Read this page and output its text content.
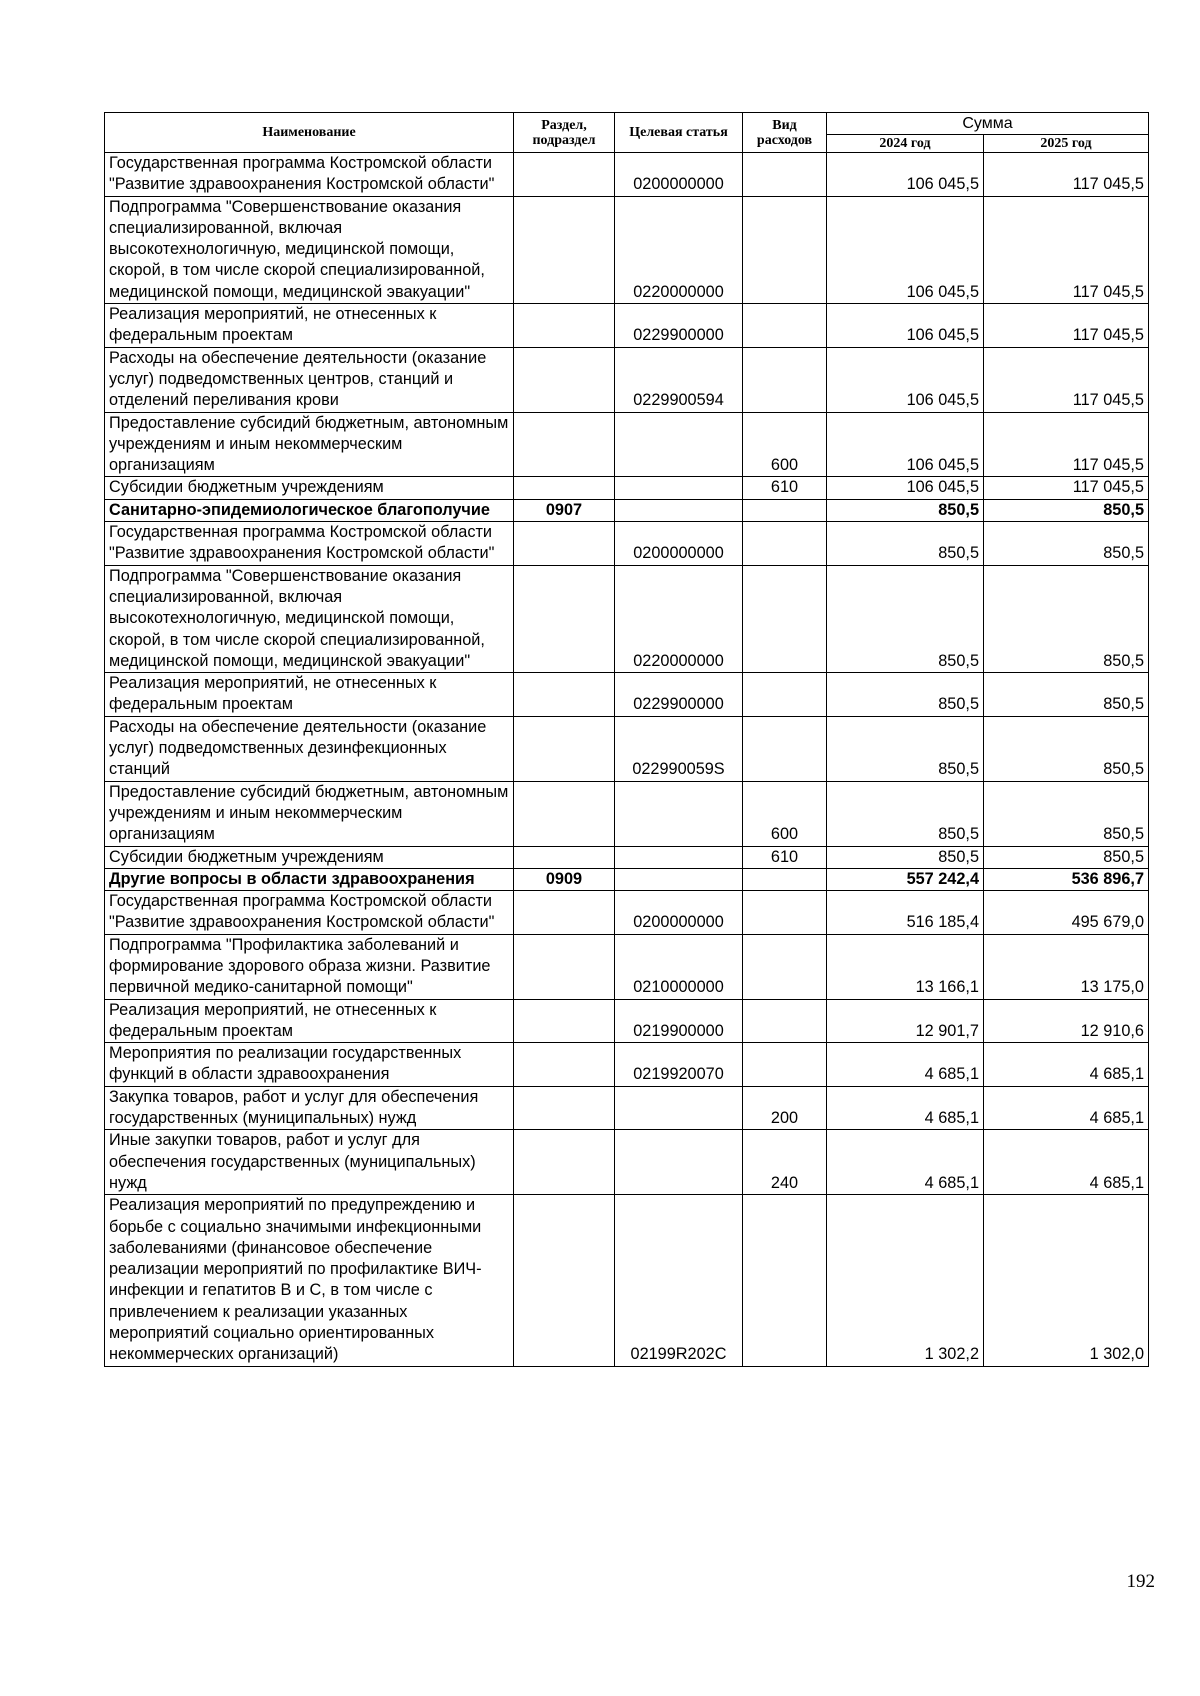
Наименование	Раздел, подраздел	Целевая статья	Вид расходов	Сумма	
				2024 год	2025 год
Государственная программа Костромской области "Развитие здравоохранения Костромской области"		0200000000		106 045,5	117 045,5
Подпрограмма "Совершенствование оказания специализированной, включая высокотехнологичную, медицинской помощи, скорой, в том числе скорой специализированной, медицинской помощи, медицинской эвакуации"		0220000000		106 045,5	117 045,5
Реализация мероприятий, не отнесенных к федеральным проектам		0229900000		106 045,5	117 045,5
Расходы на обеспечение деятельности (оказание услуг) подведомственных центров, станций и отделений переливания крови		0229900594		106 045,5	117 045,5
Предоставление субсидий бюджетным, автономным учреждениям и иным некоммерческим организациям			600	106 045,5	117 045,5
Субсидии бюджетным учреждениям			610	106 045,5	117 045,5
Санитарно-эпидемиологическое благополучие	0907			850,5	850,5
Государственная программа Костромской области "Развитие здравоохранения Костромской области"		0200000000		850,5	850,5
Подпрограмма "Совершенствование оказания специализированной, включая высокотехнологичную, медицинской помощи, скорой, в том числе скорой специализированной, медицинской помощи, медицинской эвакуации"		0220000000		850,5	850,5
Реализация мероприятий, не отнесенных к федеральным проектам		0229900000		850,5	850,5
Расходы на обеспечение деятельности (оказание услуг) подведомственных дезинфекционных станций		022990059S		850,5	850,5
Предоставление субсидий бюджетным, автономным учреждениям и иным некоммерческим организациям			600	850,5	850,5
Субсидии бюджетным учреждениям			610	850,5	850,5
Другие вопросы в области здравоохранения	0909			557 242,4	536 896,7
Государственная программа Костромской области "Развитие здравоохранения Костромской области"		0200000000		516 185,4	495 679,0
Подпрограмма "Профилактика заболеваний и формирование здорового образа жизни. Развитие первичной медико-санитарной помощи"		0210000000		13 166,1	13 175,0
Реализация мероприятий, не отнесенных к федеральным проектам		0219900000		12 901,7	12 910,6
Мероприятия по реализации государственных функций в области здравоохранения		0219920070		4 685,1	4 685,1
Закупка товаров, работ и услуг для обеспечения государственных (муниципальных) нужд			200	4 685,1	4 685,1
Иные закупки товаров, работ и услуг для обеспечения государственных (муниципальных) нужд			240	4 685,1	4 685,1
Реализация мероприятий по предупреждению и борьбе с социально значимыми инфекционными заболеваниями (финансовое обеспечение реализации мероприятий по профилактике ВИЧ- инфекции и гепатитов В и С, в том числе с привлечением к реализации указанных мероприятий социально ориентированных некоммерческих организаций)		02199R202C		1 302,2	1 302,0
192
